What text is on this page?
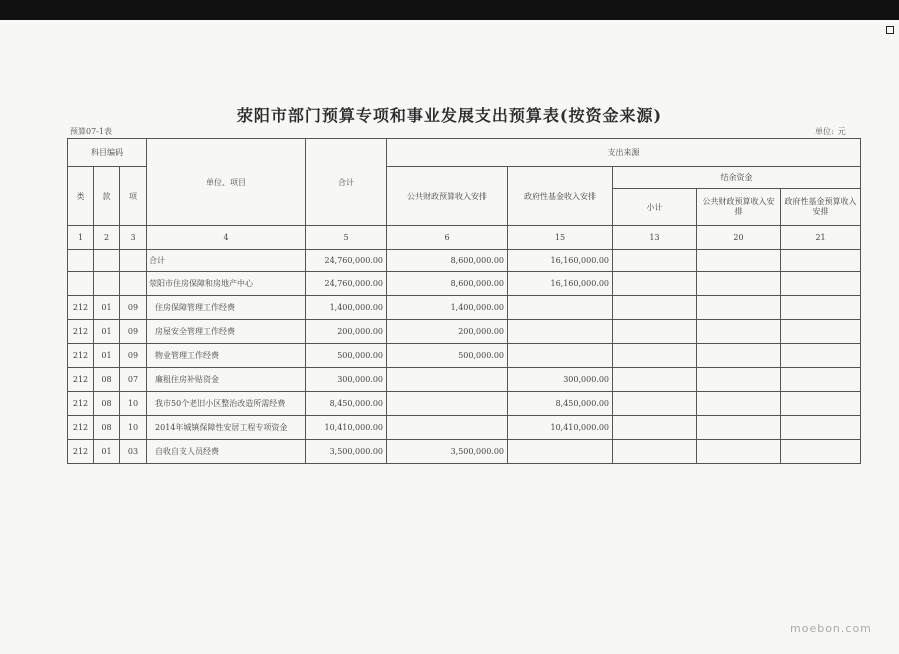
荥阳市部门预算专项和事业发展支出预算表(按资金来源)
预算07-1表	单位: 元
科目编码			单位、项目	合计	支出来源				
类	款	项			公共财政预算收入安排	政府性基金收入安排	结余资金		
							小计	公共财政预算收入安排	政府性基金预算收入安排
1	2	3	4	5	6	15	13	20	21
			合计	24,760,000.00	8,600,000.00	16,160,000.00			
			荥阳市住房保障和房地产中心	24,760,000.00	8,600,000.00	16,160,000.00			
212	01	09	住房保障管理工作经费	1,400,000.00	1,400,000.00				
212	01	09	房屋安全管理工作经费	200,000.00	200,000.00				
212	01	09	物业管理工作经费	500,000.00	500,000.00				
212	08	07	廉租住房补贴资金	300,000.00		300,000.00			
212	08	10	我市50个老旧小区整治改造所需经费	8,450,000.00		8,450,000.00			
212	08	10	2014年城镇保障性安居工程专项资金	10,410,000.00		10,410,000.00			
212	01	03	自收自支人员经费	3,500,000.00	3,500,000.00				
moebon.com
